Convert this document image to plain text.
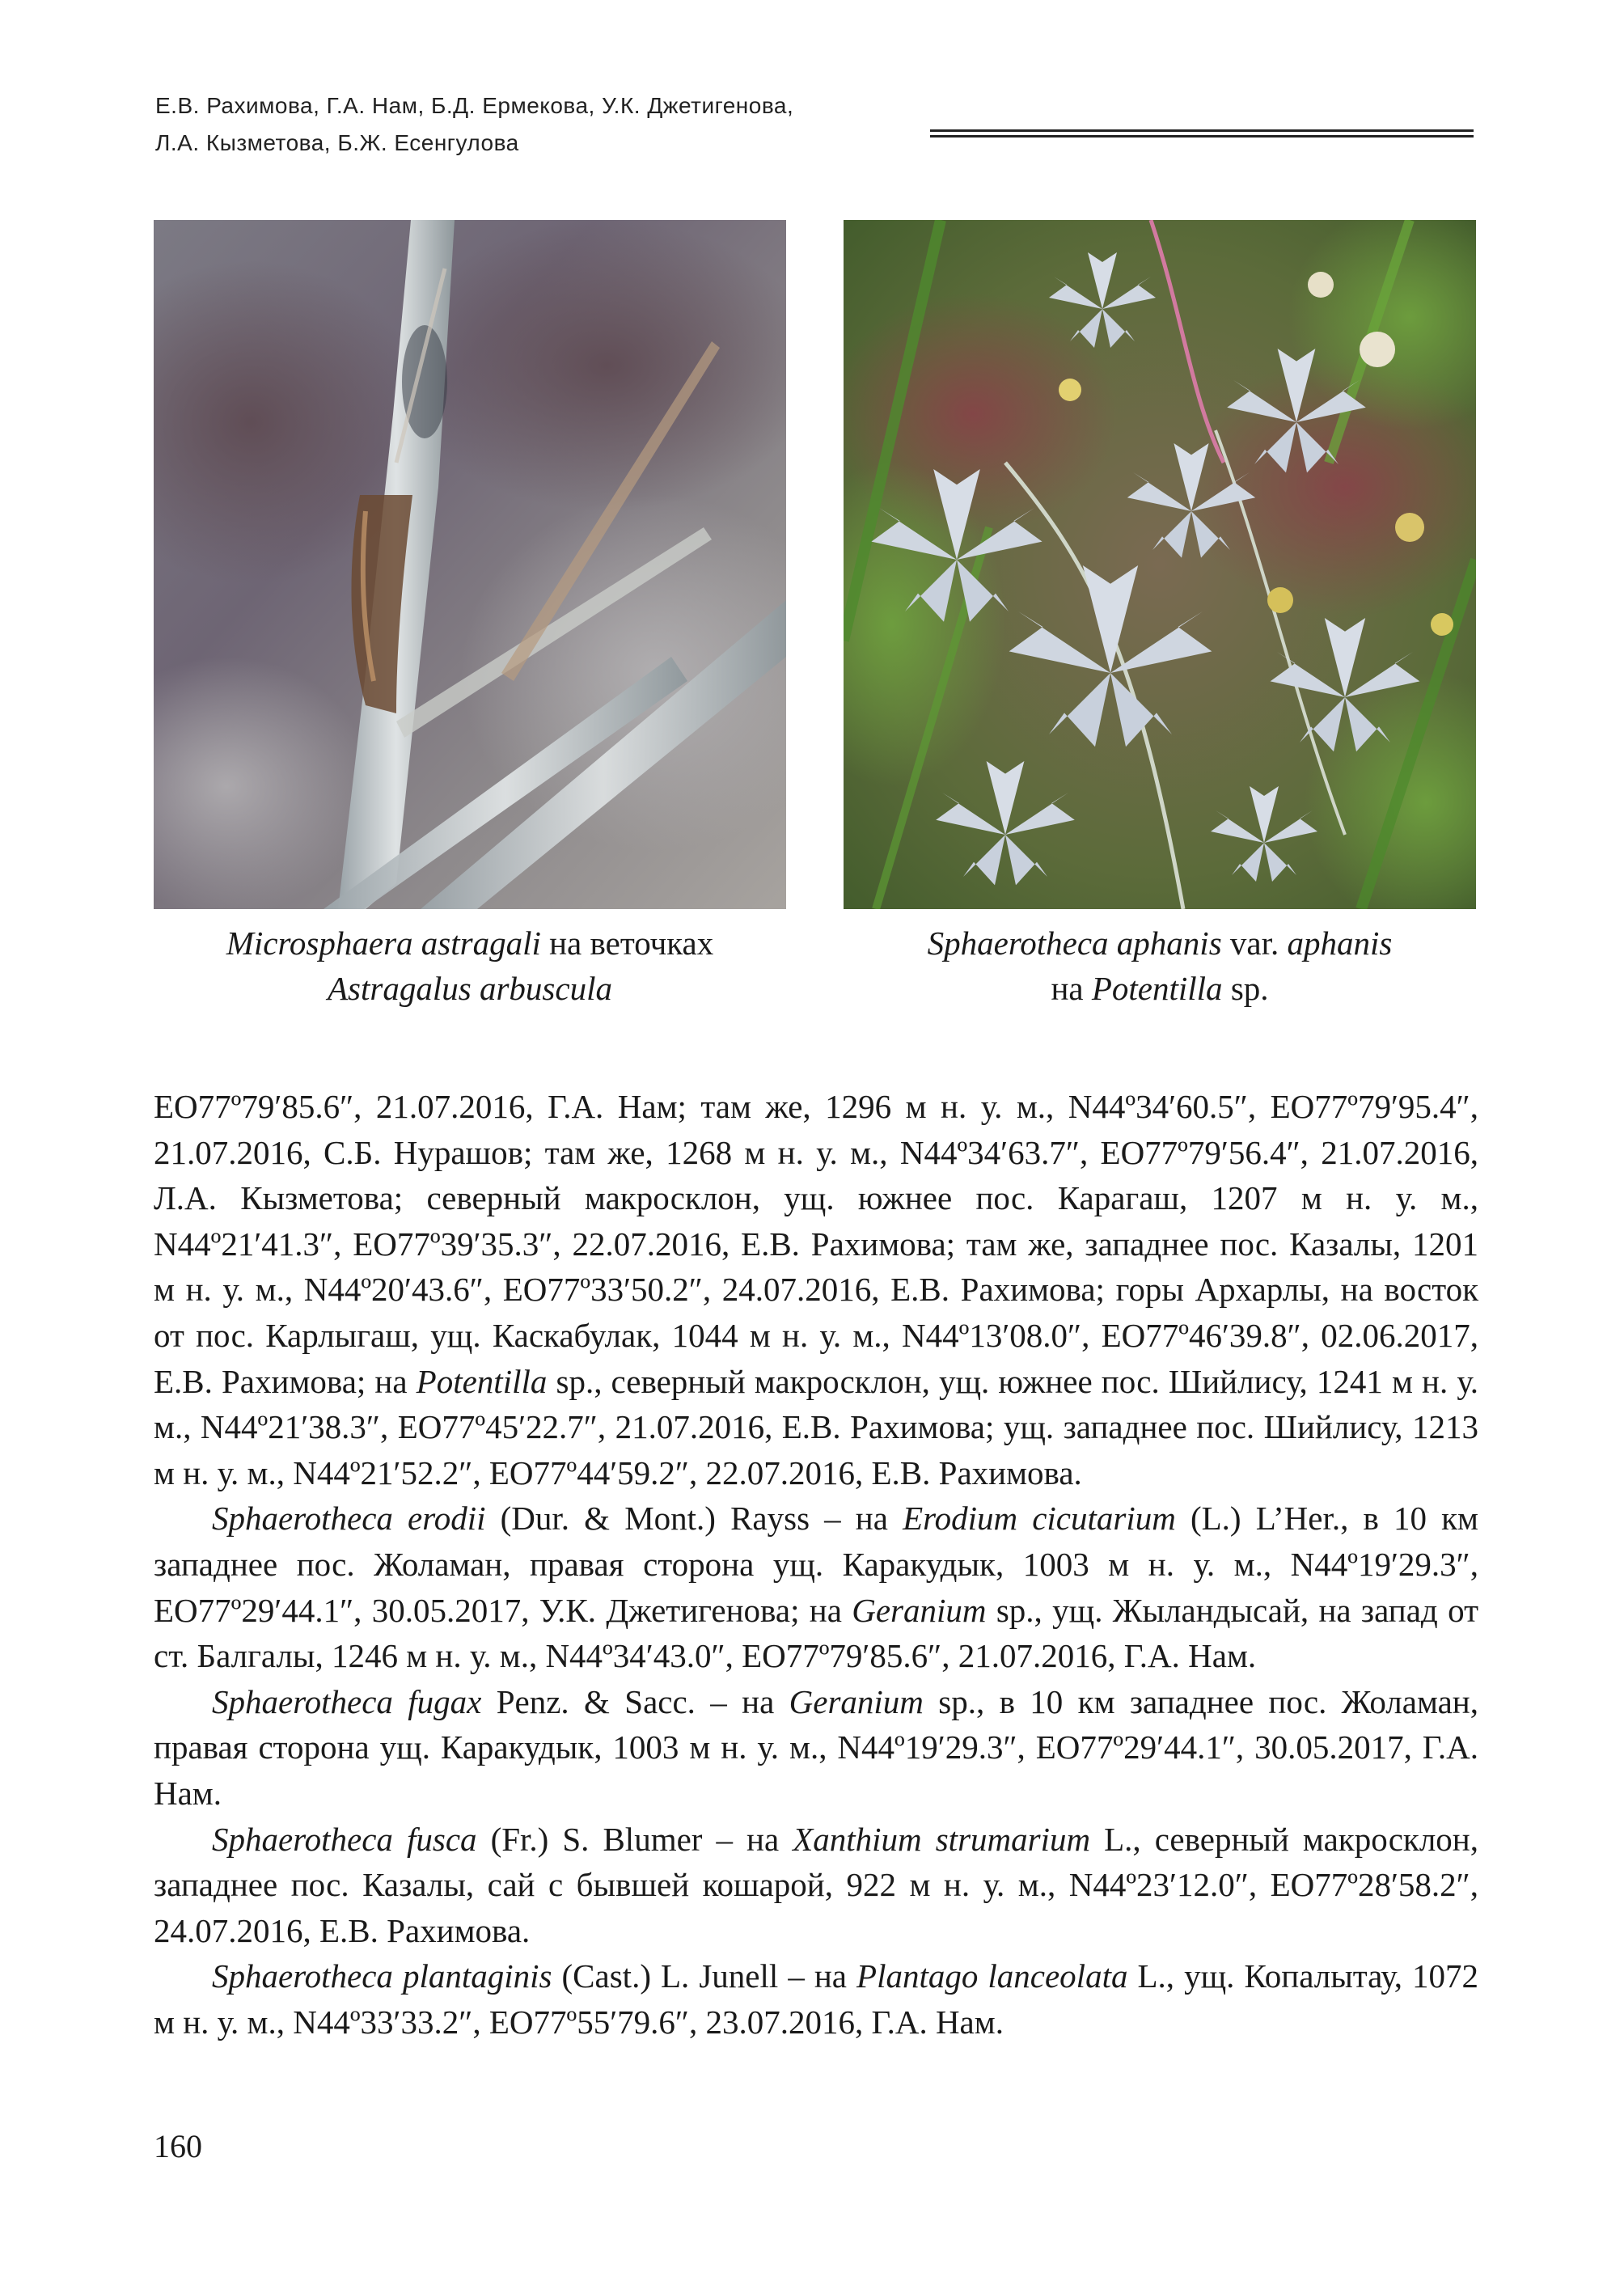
Е.В. Рахимова, Г.А. Нам, Б.Д. Ермекова, У.К. Джетигенова,
Л.А. Кызметова, Б.Ж. Есенгулова
Microsphaera astragali на веточках
Astragalus arbuscula
Sphaerotheca aphanis var. aphanis
на Potentilla sp.

ЕО77º79′85.6″, 21.07.2016, Г.А. Нам; там же, 1296 м н. у. м., N44º34′60.5″, ЕО77º79′95.4″, 21.07.2016, С.Б. Нурашов; там же, 1268 м н. у. м., N44º34′63.7″, ЕО77º79′56.4″, 21.07.2016, Л.А. Кызметова; северный макросклон, ущ. южнее пос. Карагаш, 1207 м н. у. м., N44º21′41.3″, ЕО77º39′35.3″, 22.07.2016, Е.В. Рахимова; там же, западнее пос. Казалы, 1201 м н. у. м., N44º20′43.6″, ЕО77º33′50.2″, 24.07.2016, Е.В. Рахимова; горы Архарлы, на восток от пос. Карлыгаш, ущ. Каскабулак, 1044 м н. у. м., N44º13′08.0″, ЕО77º46′39.8″, 02.06.2017, Е.В. Рахимова; на Potentilla sp., северный макросклон, ущ. южнее пос. Шийлису, 1241 м н. у. м., N44º21′38.3″, ЕО77º45′22.7″, 21.07.2016, Е.В. Рахимова; ущ. западнее пос. Шийлису, 1213 м н. у. м., N44º21′52.2″, ЕО77º44′59.2″, 22.07.2016, Е.В. Рахимова.

Sphaerotheca erodii (Dur. & Mont.) Rayss – на Erodium cicutarium (L.) L’Her., в 10 км западнее пос. Жоламан, правая сторона ущ. Каракудык, 1003 м н. у. м., N44º19′29.3″, ЕО77º29′44.1″, 30.05.2017, У.К. Джетигенова; на Geranium sp., ущ. Жыландысай, на запад от ст. Балгалы, 1246 м н. у. м., N44º34′43.0″, ЕО77º79′85.6″, 21.07.2016, Г.А. Нам.

Sphaerotheca fugax Penz. & Sacc. – на Geranium sp., в 10 км западнее пос. Жоламан, правая сторона ущ. Каракудык, 1003 м н. у. м., N44º19′29.3″, ЕО77º29′44.1″, 30.05.2017, Г.А. Нам.

Sphaerotheca fusca (Fr.) S. Blumer – на Xanthium strumarium L., северный макросклон, западнее пос. Казалы, сай с бывшей кошарой, 922 м н. у. м., N44º23′12.0″, ЕО77º28′58.2″, 24.07.2016, Е.В. Рахимова.

Sphaerotheca plantaginis (Cast.) L. Junell – на Plantago lanceolata L., ущ. Копалытау, 1072 м н. у. м., N44º33′33.2″, ЕО77º55′79.6″, 23.07.2016, Г.А. Нам.

160
